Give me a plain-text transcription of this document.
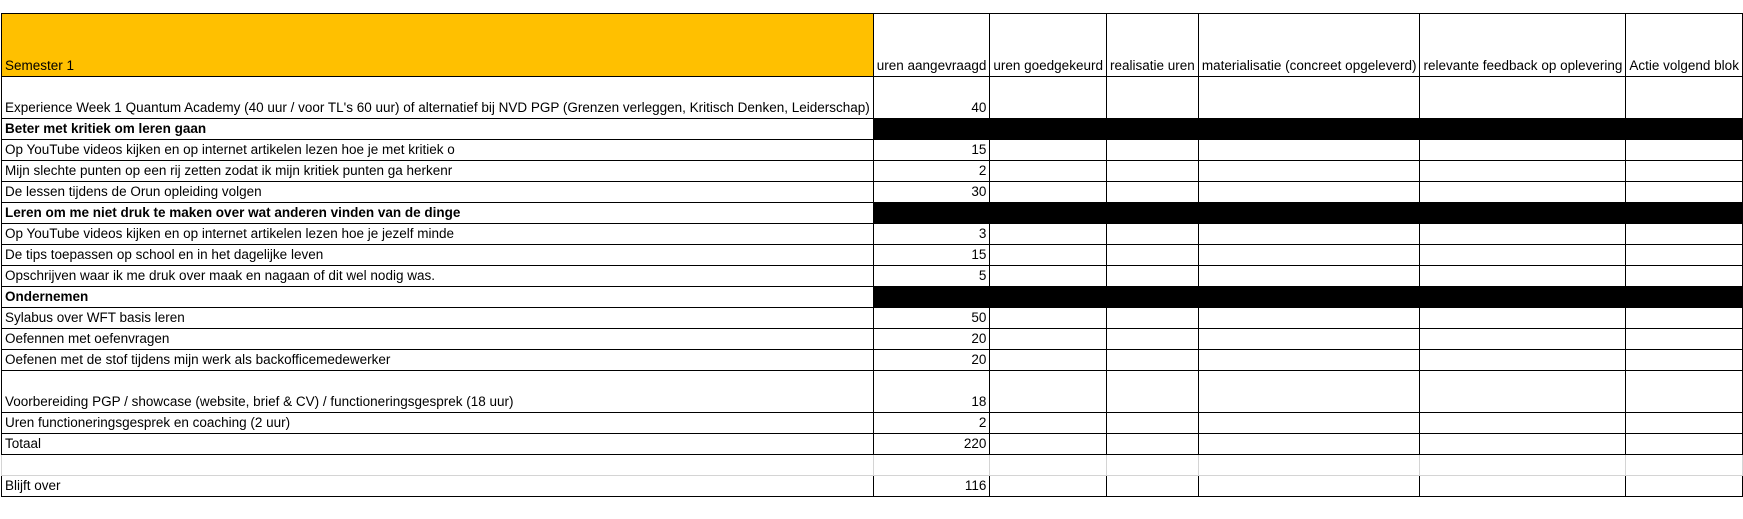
Semester 1	uren aangevraagd	uren goedgekeurd	realisatie uren	materialisatie (concreet opgeleverd)	relevante feedback op oplevering	Actie volgend blok
Experience Week 1 Quantum Academy (40 uur / voor TL's 60 uur) of alternatief bij NVD PGP (Grenzen verleggen, Kritisch Denken, Leiderschap)	40					
Beter met kritiek om leren gaan						
Op YouTube videos kijken en op internet artikelen lezen hoe je met kritiek o	15					
Mijn slechte punten op een rij zetten zodat ik mijn kritiek punten ga herkenr	2					
De lessen tijdens de Orun opleiding volgen	30					
Leren om me niet druk te maken over wat anderen vinden van de dinge						
Op YouTube videos kijken en op internet artikelen lezen hoe je jezelf minde	3					
De tips toepassen op school en in het dagelijke leven	15					
Opschrijven waar ik me druk over maak en nagaan of dit wel nodig was.	5					
Ondernemen						
Sylabus over WFT basis leren	50					
Oefennen met oefenvragen	20					
Oefenen met de stof tijdens mijn werk als backofficemedewerker	20					
Voorbereiding PGP / showcase (website, brief & CV) / functioneringsgesprek (18 uur)	18					
Uren functioneringsgesprek en coaching (2 uur)	2					
Totaal	220					

Blijft over	116					
